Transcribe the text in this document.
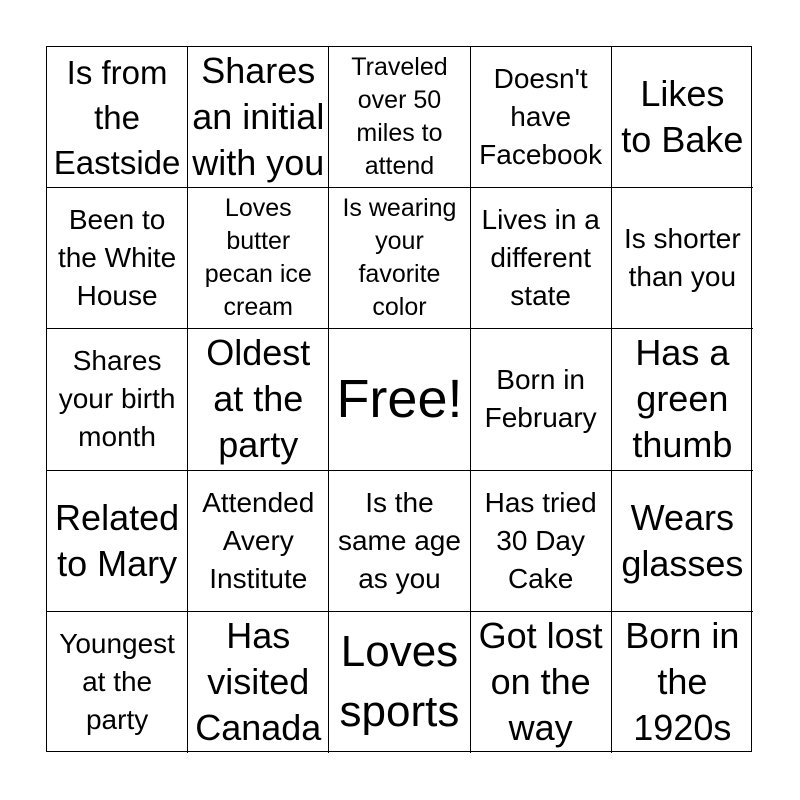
Is from
the
Eastside
Shares
an initial
with you
Traveled
over 50
miles to
attend
Doesn't
have
Facebook
Likes
to Bake
Been to
the White
House
Loves
butter
pecan ice
cream
Is wearing
your
favorite
color
Lives in a
different
state
Is shorter
than you
Shares
your birth
month
Oldest
at the
party
Free!	Born in
February
Has a
green
thumb
Related
to Mary
Attended
Avery
Institute
Is the
same age
as you
Has tried
30 Day
Cake
Wears
glasses
Youngest
at the
party
Has
visited
Canada
Loves
sports
Got lost
on the
way
Born in
the
1920s
